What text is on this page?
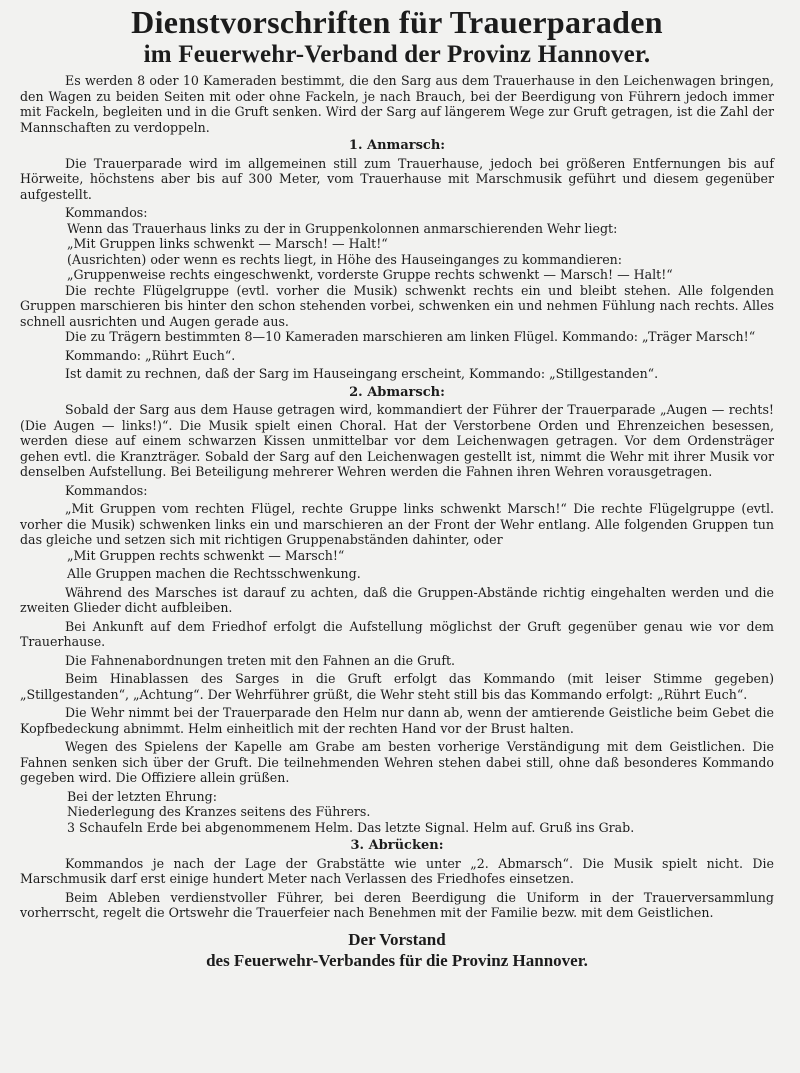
Dienstvorschriften für Trauerparaden
im Feuerwehr-Verband der Provinz Hannover.

Es werden 8 oder 10 Kameraden bestimmt, die den Sarg aus dem Trauerhause in den Leichenwagen bringen, den Wagen zu beiden Seiten mit oder ohne Fackeln, je nach Brauch, bei der Beerdigung von Führern jedoch immer mit Fackeln, begleiten und in die Gruft senken. Wird der Sarg auf längerem Wege zur Gruft getragen, ist die Zahl der Mannschaften zu verdoppeln.

1. Anmarsch:

Die Trauerparade wird im allgemeinen still zum Trauerhause, jedoch bei größeren Entfernungen bis auf Hörweite, höchstens aber bis auf 300 Meter, vom Trauerhause mit Marschmusik geführt und diesem gegenüber aufgestellt.

Kommandos:

Wenn das Trauerhaus links zu der in Gruppenkolonnen anmarschierenden Wehr liegt:

„Mit Gruppen links schwenkt — Marsch! — Halt!“

(Ausrichten) oder wenn es rechts liegt, in Höhe des Hauseinganges zu kommandieren:

„Gruppenweise rechts eingeschwenkt, vorderste Gruppe rechts schwenkt — Marsch! — Halt!“

Die rechte Flügelgruppe (evtl. vorher die Musik) schwenkt rechts ein und bleibt stehen. Alle folgenden Gruppen marschieren bis hinter den schon stehenden vorbei, schwenken ein und nehmen Fühlung nach rechts. Alles schnell ausrichten und Augen gerade aus.

Die zu Trägern bestimmten 8—10 Kameraden marschieren am linken Flügel. Kommando: „Träger Marsch!“

Kommando: „Rührt Euch“.

Ist damit zu rechnen, daß der Sarg im Hauseingang erscheint, Kommando: „Stillgestanden“.

2. Abmarsch:

Sobald der Sarg aus dem Hause getragen wird, kommandiert der Führer der Trauerparade „Augen — rechts! (Die Augen — links!)“. Die Musik spielt einen Choral. Hat der Verstorbene Orden und Ehrenzeichen besessen, werden diese auf einem schwarzen Kissen unmittelbar vor dem Leichenwagen getragen. Vor dem Ordensträger gehen evtl. die Kranzträger. Sobald der Sarg auf den Leichenwagen gestellt ist, nimmt die Wehr mit ihrer Musik vor denselben Aufstellung. Bei Beteiligung mehrerer Wehren werden die Fahnen ihren Wehren vorausgetragen.

Kommandos:

„Mit Gruppen vom rechten Flügel, rechte Gruppe links schwenkt Marsch!“ Die rechte Flügelgruppe (evtl. vorher die Musik) schwenken links ein und marschieren an der Front der Wehr entlang. Alle folgenden Gruppen tun das gleiche und setzen sich mit richtigen Gruppenabständen dahinter, oder

„Mit Gruppen rechts schwenkt — Marsch!“

Alle Gruppen machen die Rechtsschwenkung.

Während des Marsches ist darauf zu achten, daß die Gruppen-Abstände richtig eingehalten werden und die zweiten Glieder dicht aufbleiben.

Bei Ankunft auf dem Friedhof erfolgt die Aufstellung möglichst der Gruft gegenüber genau wie vor dem Trauerhause.

Die Fahnenabordnungen treten mit den Fahnen an die Gruft.

Beim Hinablassen des Sarges in die Gruft erfolgt das Kommando (mit leiser Stimme gegeben) „Stillgestanden“, „Achtung“. Der Wehrführer grüßt, die Wehr steht still bis das Kommando erfolgt: „Rührt Euch“.

Die Wehr nimmt bei der Trauerparade den Helm nur dann ab, wenn der amtierende Geistliche beim Gebet die Kopfbedeckung abnimmt. Helm einheitlich mit der rechten Hand vor der Brust halten.

Wegen des Spielens der Kapelle am Grabe am besten vorherige Verständigung mit dem Geistlichen. Die Fahnen senken sich über der Gruft. Die teilnehmenden Wehren stehen dabei still, ohne daß besonderes Kommando gegeben wird. Die Offiziere allein grüßen.

Bei der letzten Ehrung:

Niederlegung des Kranzes seitens des Führers.

3 Schaufeln Erde bei abgenommenem Helm. Das letzte Signal. Helm auf. Gruß ins Grab.

3. Abrücken:

Kommandos je nach der Lage der Grabstätte wie unter „2. Abmarsch“. Die Musik spielt nicht. Die Marschmusik darf erst einige hundert Meter nach Verlassen des Friedhofes einsetzen.

Beim Ableben verdienstvoller Führer, bei deren Beerdigung die Uniform in der Trauerversammlung vorherrscht, regelt die Ortswehr die Trauerfeier nach Benehmen mit der Familie bezw. mit dem Geistlichen.

Der Vorstand
des Feuerwehr-Verbandes für die Provinz Hannover.
